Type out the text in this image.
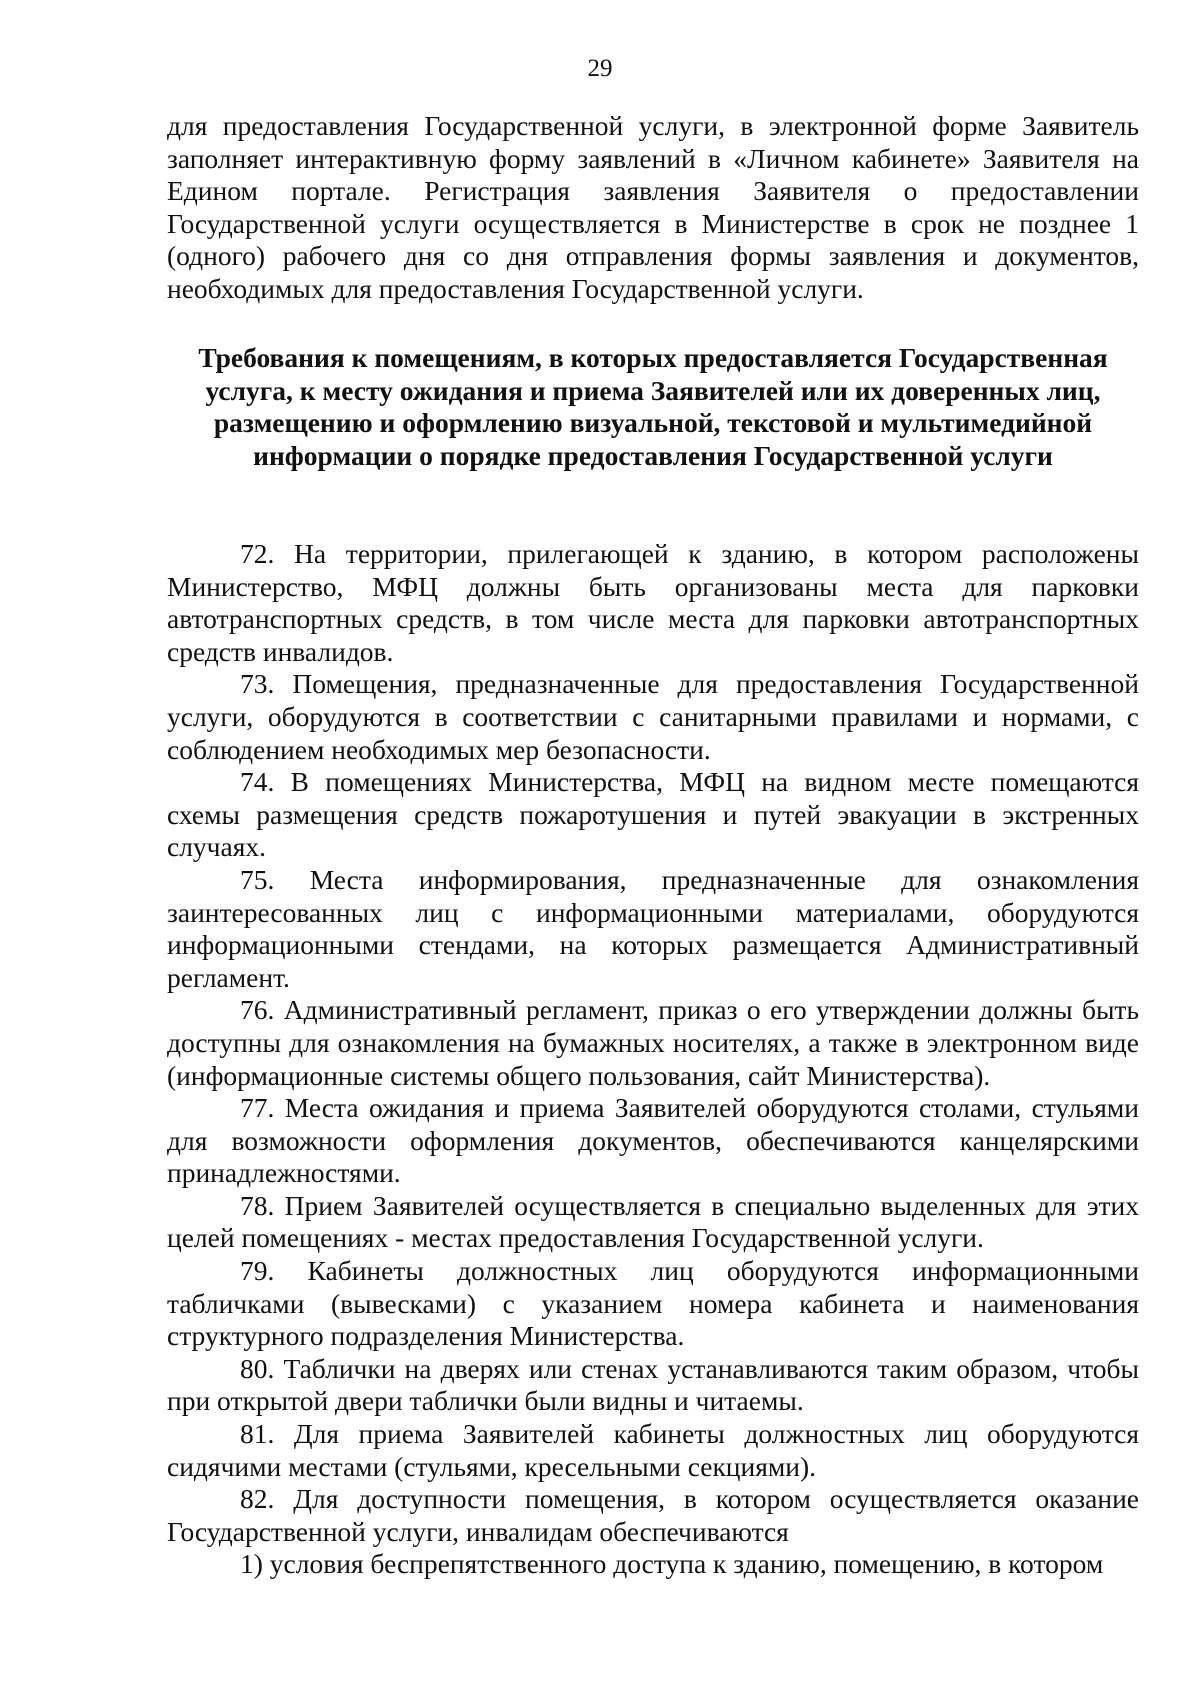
29

для предоставления Государственной услуги, в электронной форме Заявитель заполняет интерактивную форму заявлений в «Личном кабинете» Заявителя на Едином портале. Регистрация заявления Заявителя о предоставлении Государственной услуги осуществляется в Министерстве в срок не позднее 1 (одного) рабочего дня со дня отправления формы заявления и документов, необходимых для предоставления Государственной услуги.

Требования к помещениям, в которых предоставляется Государственная услуга, к месту ожидания и приема Заявителей или их доверенных лиц, размещению и оформлению визуальной, текстовой и мультимедийной информации о порядке предоставления Государственной услуги

72. На территории, прилегающей к зданию, в котором расположены Министерство, МФЦ должны быть организованы места для парковки автотранспортных средств, в том числе места для парковки автотранспортных средств инвалидов.

73. Помещения, предназначенные для предоставления Государственной услуги, оборудуются в соответствии с санитарными правилами и нормами, с соблюдением необходимых мер безопасности.

74. В помещениях Министерства, МФЦ на видном месте помещаются схемы размещения средств пожаротушения и путей эвакуации в экстренных случаях.

75. Места информирования, предназначенные для ознакомления заинтересованных лиц с информационными материалами, оборудуются информационными стендами, на которых размещается Административный регламент.

76. Административный регламент, приказ о его утверждении должны быть доступны для ознакомления на бумажных носителях, а также в электронном виде (информационные системы общего пользования, сайт Министерства).

77. Места ожидания и приема Заявителей оборудуются столами, стульями для возможности оформления документов, обеспечиваются канцелярскими принадлежностями.

78. Прием Заявителей осуществляется в специально выделенных для этих целей помещениях - местах предоставления Государственной услуги.

79. Кабинеты должностных лиц оборудуются информационными табличками (вывесками) с указанием номера кабинета и наименования структурного подразделения Министерства.

80. Таблички на дверях или стенах устанавливаются таким образом, чтобы при открытой двери таблички были видны и читаемы.

81. Для приема Заявителей кабинеты должностных лиц оборудуются сидячими местами (стульями, кресельными секциями).

82. Для доступности помещения, в котором осуществляется оказание Государственной услуги, инвалидам обеспечиваются

1) условия беспрепятственного доступа к зданию, помещению, в котором
